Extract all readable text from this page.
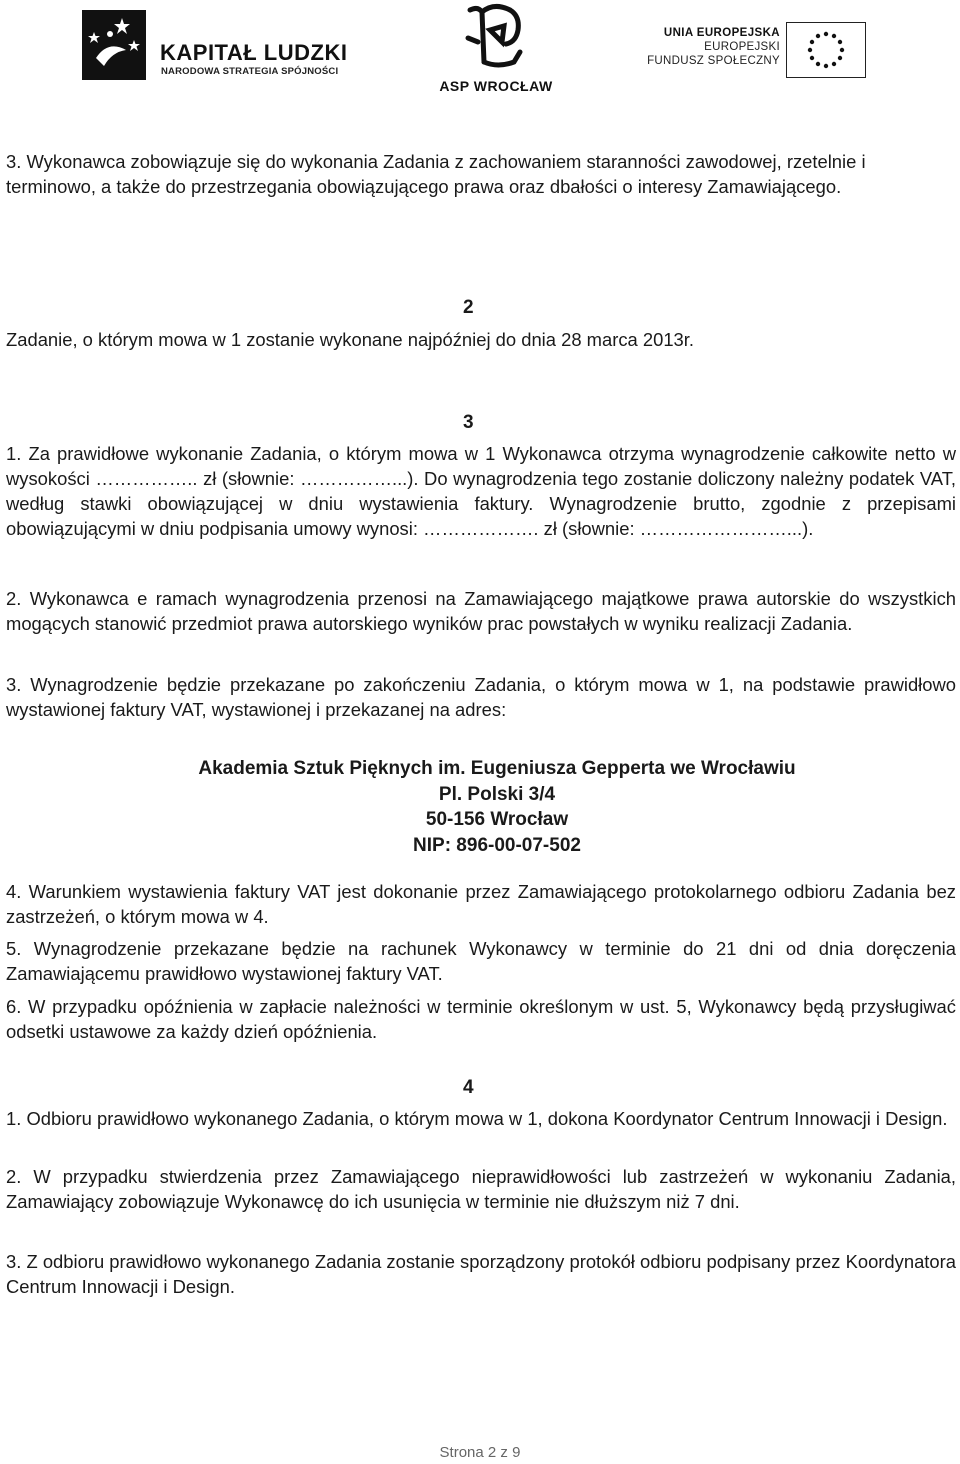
KAPITAŁ LUDZKI
NARODOWA STRATEGIA SPÓJNOŚCI
ASP WROCŁAW
UNIA EUROPEJSKA
EUROPEJSKI
FUNDUSZ SPOŁECZNY
3. Wykonawca zobowiązuje się do wykonania Zadania z zachowaniem staranności zawodowej, rzetelnie i terminowo, a także do przestrzegania obowiązującego prawa oraz dbałości o interesy Zamawiającego.
2
Zadanie, o którym mowa w 1 zostanie wykonane najpóźniej do dnia 28 marca 2013r.
3
1. Za prawidłowe wykonanie Zadania, o którym mowa w 1 Wykonawca otrzyma wynagrodzenie całkowite netto w wysokości …………….. zł (słownie: ……………...). Do wynagrodzenia tego zostanie doliczony należny podatek VAT, według stawki obowiązującej w dniu wystawienia faktury. Wynagrodzenie brutto, zgodnie z przepisami obowiązującymi w dniu podpisania umowy wynosi: ………………. zł (słownie: ……………………...).
2. Wykonawca e ramach wynagrodzenia przenosi na Zamawiającego majątkowe prawa autorskie do wszystkich mogących stanowić przedmiot prawa autorskiego wyników prac powstałych w wyniku realizacji Zadania.
3. Wynagrodzenie będzie przekazane po zakończeniu Zadania, o którym mowa w 1, na podstawie prawidłowo wystawionej faktury VAT, wystawionej i przekazanej na adres:
Akademia Sztuk Pięknych im. Eugeniusza Gepperta we Wrocławiu
Pl. Polski 3/4
50-156 Wrocław
NIP: 896-00-07-502
4. Warunkiem wystawienia faktury VAT jest dokonanie przez Zamawiającego protokolarnego odbioru Zadania bez zastrzeżeń, o którym mowa w 4.
5. Wynagrodzenie przekazane będzie na rachunek Wykonawcy w terminie do 21 dni od dnia doręczenia Zamawiającemu prawidłowo wystawionej faktury VAT.
6. W przypadku opóźnienia w zapłacie należności w terminie określonym w ust. 5, Wykonawcy będą przysługiwać odsetki ustawowe za każdy dzień opóźnienia.
4
1. Odbioru prawidłowo wykonanego Zadania, o którym mowa w 1, dokona Koordynator Centrum Innowacji i Design.
2. W przypadku stwierdzenia przez Zamawiającego nieprawidłowości lub zastrzeżeń w wykonaniu Zadania, Zamawiający zobowiązuje Wykonawcę do ich usunięcia w terminie nie dłuższym niż 7 dni.
3. Z odbioru prawidłowo wykonanego Zadania zostanie sporządzony protokół odbioru podpisany przez Koordynatora Centrum Innowacji i Design.
Strona 2 z 9
